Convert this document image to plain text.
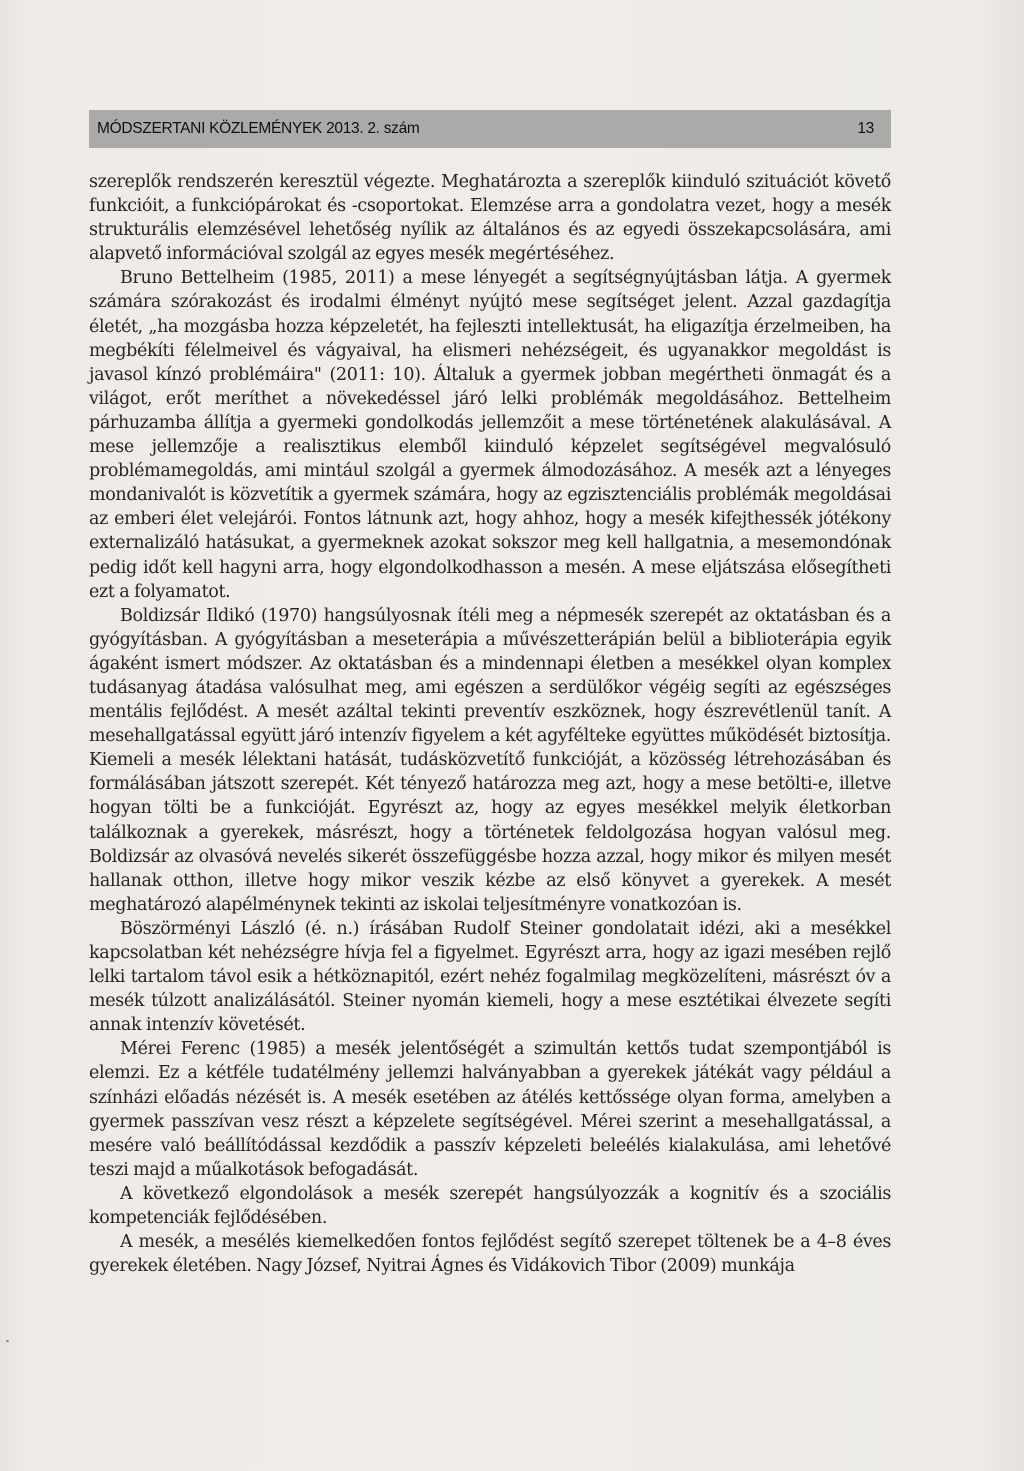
MÓDSZERTANI KÖZLEMÉNYEK 2013. 2. szám	13

szereplők rendszerén keresztül végezte. Meghatározta a szereplők kiinduló szituációt követő funkcióit, a funkciópárokat és -csoportokat. Elemzése arra a gondolatra vezet, hogy a mesék strukturális elemzésével lehetőség nyílik az általános és az egyedi összekapcsolására, ami alapvető információval szolgál az egyes mesék megértéséhez.

Bruno Bettelheim (1985, 2011) a mese lényegét a segítségnyújtásban látja. A gyermek számára szórakozást és irodalmi élményt nyújtó mese segítséget jelent. Azzal gazdagítja életét, „ha mozgásba hozza képzeletét, ha fejleszti intellektusát, ha eligazítja érzelmeiben, ha megbékíti félelmeivel és vágyaival, ha elismeri nehézségeit, és ugyanakkor megoldást is javasol kínzó problémáira" (2011: 10). Általuk a gyermek jobban megértheti önmagát és a világot, erőt meríthet a növekedéssel járó lelki problémák megoldásához. Bettelheim párhuzamba állítja a gyermeki gondolkodás jellemzőit a mese történetének alakulásával. A mese jellemzője a realisztikus elemből kiinduló képzelet segítségével megvalósuló problémamegoldás, ami mintául szolgál a gyermek álmodozásához. A mesék azt a lényeges mondanivalót is közvetítik a gyermek számára, hogy az egzisztenciális problémák megoldásai az emberi élet velejárói. Fontos látnunk azt, hogy ahhoz, hogy a mesék kifejthessék jótékony externalizáló hatásukat, a gyermeknek azokat sokszor meg kell hallgatnia, a mesemondónak pedig időt kell hagyni arra, hogy elgondolkodhasson a mesén. A mese eljátszása elősegítheti ezt a folyamatot.

Boldizsár Ildikó (1970) hangsúlyosnak ítéli meg a népmesék szerepét az oktatásban és a gyógyításban. A gyógyításban a meseterápia a művészetterápián belül a biblioterápia egyik ágaként ismert módszer. Az oktatásban és a mindennapi életben a mesékkel olyan komplex tudásanyag átadása valósulhat meg, ami egészen a serdülőkor végéig segíti az egészséges mentális fejlődést. A mesét azáltal tekinti preventív eszköznek, hogy észrevétlenül tanít. A mesehallgatással együtt járó intenzív figyelem a két agyfélteke együttes működését biztosítja. Kiemeli a mesék lélektani hatását, tudásközvetítő funkcióját, a közösség létrehozásában és formálásában játszott szerepét. Két tényező határozza meg azt, hogy a mese betölti-e, illetve hogyan tölti be a funkcióját. Egyrészt az, hogy az egyes mesékkel melyik életkorban találkoznak a gyerekek, másrészt, hogy a történetek feldolgozása hogyan valósul meg. Boldizsár az olvasóvá nevelés sikerét összefüggésbe hozza azzal, hogy mikor és milyen mesét hallanak otthon, illetve hogy mikor veszik kézbe az első könyvet a gyerekek. A mesét meghatározó alapélménynek tekinti az iskolai teljesítményre vonatkozóan is.

Böszörményi László (é. n.) írásában Rudolf Steiner gondolatait idézi, aki a mesékkel kapcsolatban két nehézségre hívja fel a figyelmet. Egyrészt arra, hogy az igazi mesében rejlő lelki tartalom távol esik a hétköznapitól, ezért nehéz fogalmilag megközelíteni, másrészt óv a mesék túlzott analizálásától. Steiner nyomán kiemeli, hogy a mese esztétikai élvezete segíti annak intenzív követését.

Mérei Ferenc (1985) a mesék jelentőségét a szimultán kettős tudat szempontjából is elemzi. Ez a kétféle tudatélmény jellemzi halványabban a gyerekek játékát vagy például a színházi előadás nézését is. A mesék esetében az átélés kettőssége olyan forma, amelyben a gyermek passzívan vesz részt a képzelete segítségével. Mérei szerint a mesehallgatással, a mesére való beállítódással kezdődik a passzív képzeleti beleélés kialakulása, ami lehetővé teszi majd a műalkotások befogadását.

A következő elgondolások a mesék szerepét hangsúlyozzák a kognitív és a szociális kompetenciák fejlődésében.

A mesék, a mesélés kiemelkedően fontos fejlődést segítő szerepet töltenek be a 4–8 éves gyerekek életében. Nagy József, Nyitrai Ágnes és Vidákovich Tibor (2009) munkája
